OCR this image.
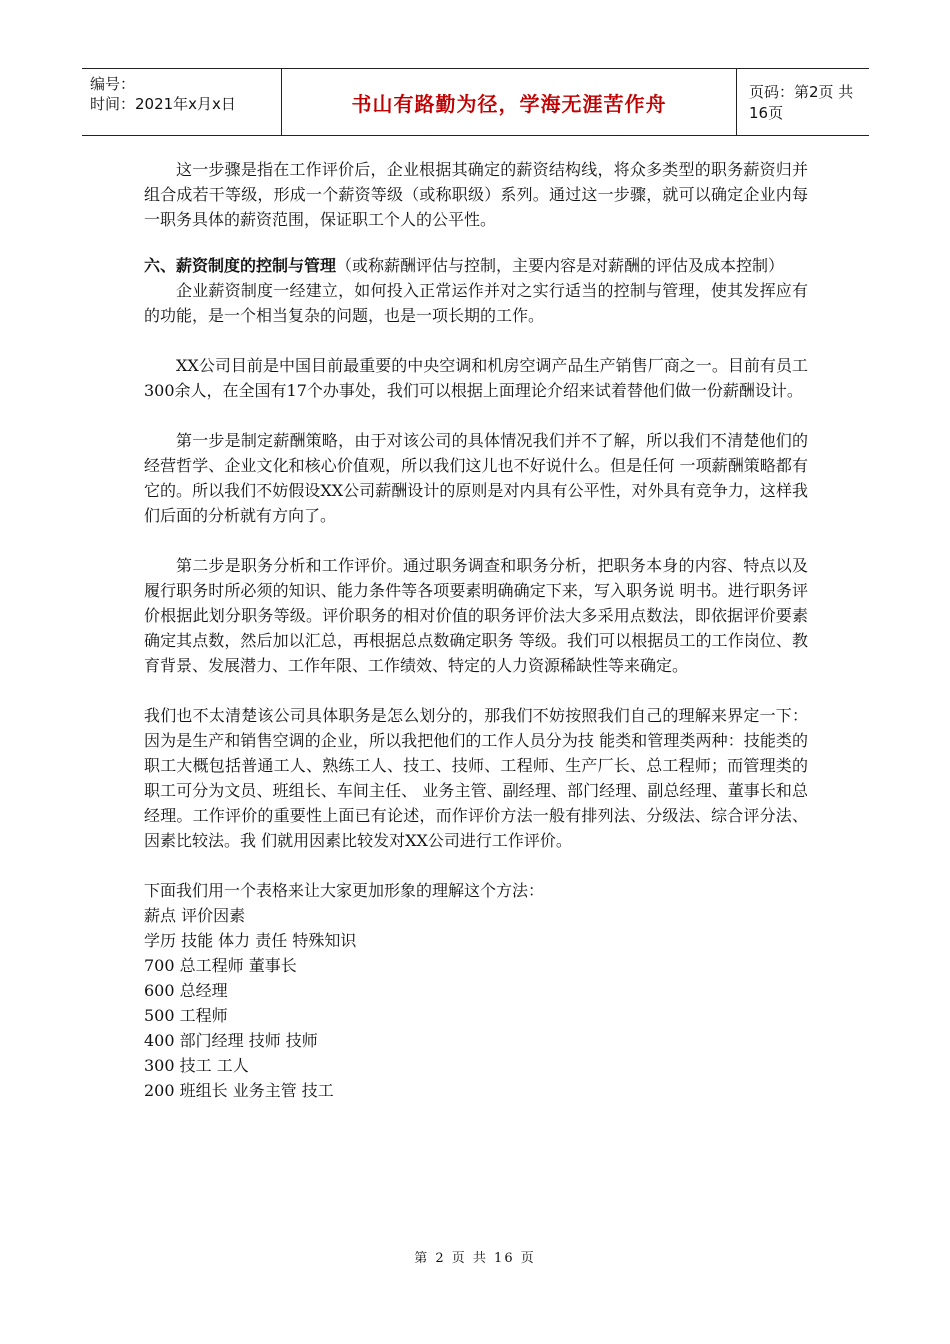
编号：
时间：2021年x月x日	书山有路勤为径，学海无涯苦作舟	页码：第2页 共16页

这一步骤是指在工作评价后，企业根据其确定的薪资结构线，将众多类型的职务薪资归并组合成若干等级，形成一个薪资等级（或称职级）系列。通过这一步骤，就可以确定企业内每一职务具体的薪资范围，保证职工个人的公平性。

六、薪资制度的控制与管理（或称薪酬评估与控制，主要内容是对薪酬的评估及成本控制）

企业薪资制度一经建立，如何投入正常运作并对之实行适当的控制与管理，使其发挥应有的功能，是一个相当复杂的问题，也是一项长期的工作。

XX公司目前是中国目前最重要的中央空调和机房空调产品生产销售厂商之一。目前有员工300余人，在全国有17个办事处，我们可以根据上面理论介绍来试着替他们做一份薪酬设计。

第一步是制定薪酬策略，由于对该公司的具体情况我们并不了解，所以我们不清楚他们的经营哲学、企业文化和核心价值观，所以我们这儿也不好说什么。但是任何 一项薪酬策略都有它的。所以我们不妨假设XX公司薪酬设计的原则是对内具有公平性，对外具有竞争力，这样我们后面的分析就有方向了。

第二步是职务分析和工作评价。通过职务调查和职务分析，把职务本身的内容、特点以及履行职务时所必须的知识、能力条件等各项要素明确确定下来，写入职务说 明书。进行职务评价根据此划分职务等级。评价职务的相对价值的职务评价法大多采用点数法，即依据评价要素确定其点数，然后加以汇总，再根据总点数确定职务 等级。我们可以根据员工的工作岗位、教育背景、发展潜力、工作年限、工作绩效、特定的人力资源稀缺性等来确定。

我们也不太清楚该公司具体职务是怎么划分的，那我们不妨按照我们自己的理解来界定一下：因为是生产和销售空调的企业，所以我把他们的工作人员分为技 能类和管理类两种：技能类的职工大概包括普通工人、熟练工人、技工、技师、工程师、生产厂长、总工程师；而管理类的职工可分为文员、班组长、车间主任、 业务主管、副经理、部门经理、副总经理、董事长和总经理。工作评价的重要性上面已有论述，而作评价方法一般有排列法、分级法、综合评分法、因素比较法。我 们就用因素比较发对XX公司进行工作评价。

下面我们用一个表格来让大家更加形象的理解这个方法：

薪点 评价因素
学历 技能 体力 责任 特殊知识
700 总工程师 董事长
600 总经理
500 工程师
400 部门经理 技师 技师
300 技工 工人
200 班组长 业务主管 技工
第 2 页 共 16 页
